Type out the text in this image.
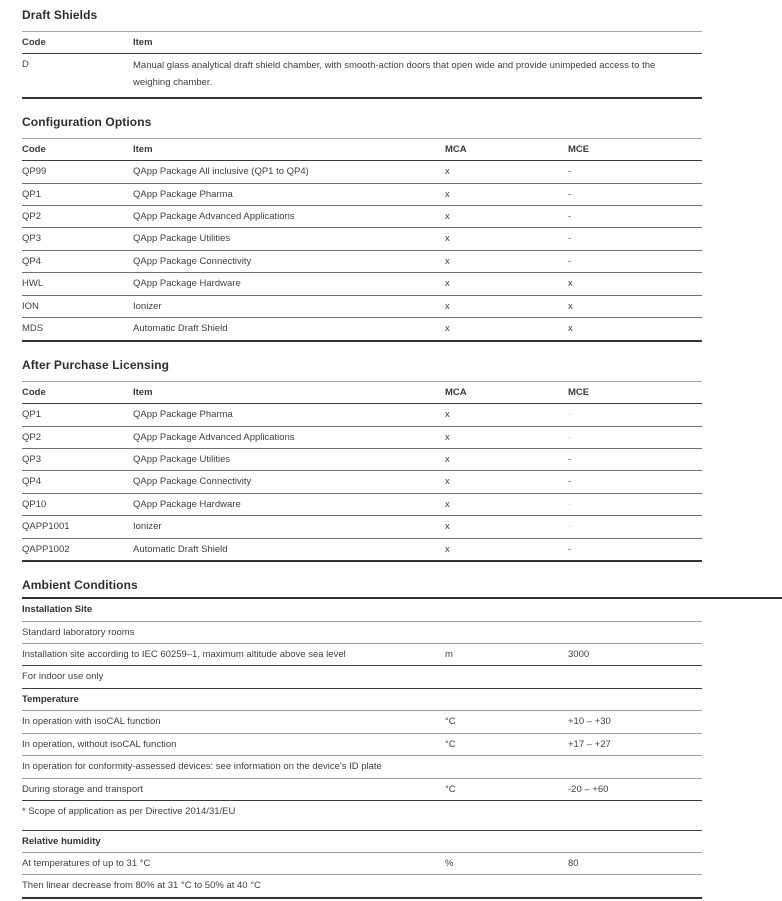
Draft Shields
Code	Item
D	Manual glass analytical draft shield chamber, with smooth-action doors that open wide and provide unimpeded access to the weighing chamber.
Configuration Options
Code	Item	MCA	MCE
QP99	QApp Package All inclusive (QP1 to QP4)	x	-
QP1	QApp Package Pharma	x	-
QP2	QApp Package Advanced Applications	x	-
QP3	QApp Package Utilities	x	-
QP4	QApp Package Connectivity	x	-
HWL	QApp Package Hardware	x	x
ION	Ionizer	x	x
MDS	Automatic Draft Shield	x	x
After Purchase Licensing
Code	Item	MCA	MCE
QP1	QApp Package Pharma	x	-
QP2	QApp Package Advanced Applications	x	-
QP3	QApp Package Utilities	x	-
QP4	QApp Package Connectivity	x	-
QP10	QApp Package Hardware	x	-
QAPP1001	Ionizer	x	-
QAPP1002	Automatic Draft Shield	x	-
Ambient Conditions
Installation Site		
Standard laboratory rooms		
Installation site according to IEC 60259–1, maximum altitude above sea level	m	3000
For indoor use only		
Temperature		
In operation with isoCAL function	°C	+10 – +30
In operation, without isoCAL function	°C	+17 – +27
In operation for conformity-assessed devices: see information on the device's ID plate		
During storage and transport	°C	-20 – +60
* Scope of application as per Directive 2014/31/EU		
Relative humidity		
At temperatures of up to 31 °C	%	80
Then linear decrease from 80% at 31 °C to 50% at 40 °C		
